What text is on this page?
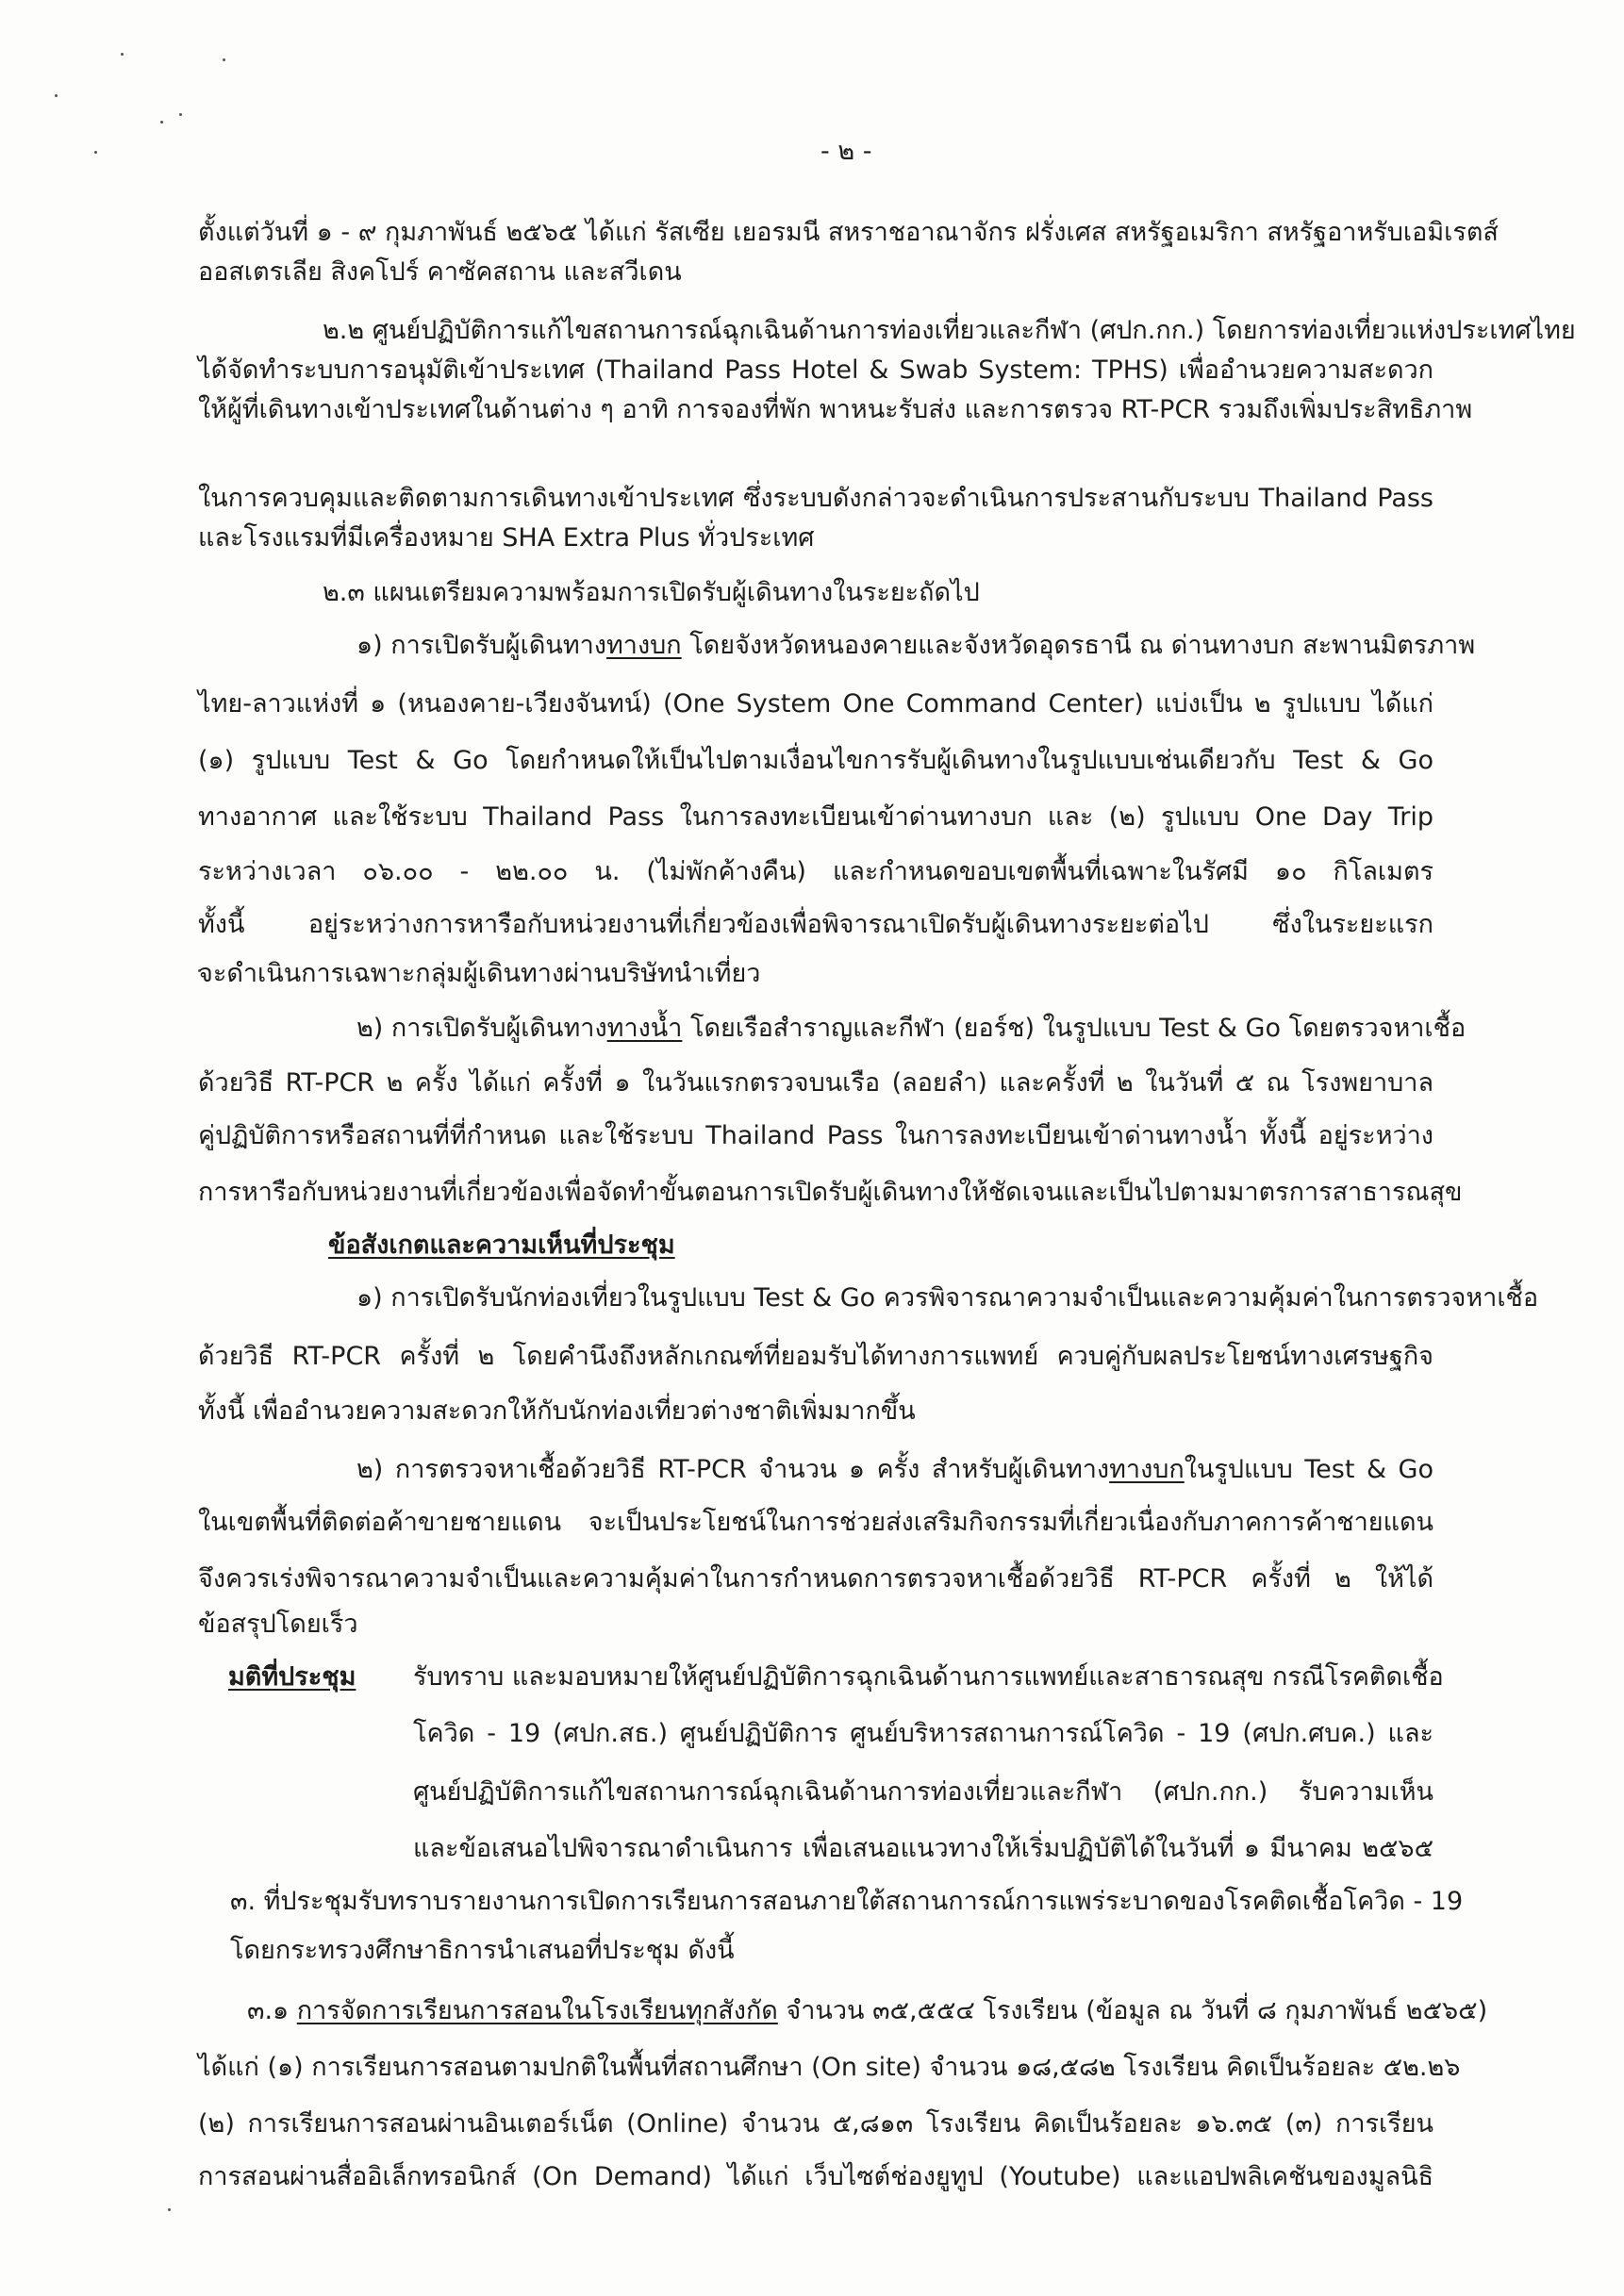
- ๒ -
ตั้งแต่วันที่ ๑ - ๙ กุมภาพันธ์ ๒๕๖๕ ได้แก่ รัสเซีย เยอรมนี สหราชอาณาจักร ฝรั่งเศส สหรัฐอเมริกา สหรัฐอาหรับเอมิเรตส์
ออสเตรเลีย สิงคโปร์ คาซัคสถาน และสวีเดน
๒.๒ ศูนย์ปฏิบัติการแก้ไขสถานการณ์ฉุกเฉินด้านการท่องเที่ยวและกีฬา (ศปก.กก.) โดยการท่องเที่ยวแห่งประเทศไทย
ได้จัดทำระบบการอนุมัติเข้าประเทศ (Thailand Pass Hotel & Swab System: TPHS) เพื่ออำนวยความสะดวก
ให้ผู้ที่เดินทางเข้าประเทศในด้านต่าง ๆ อาทิ การจองที่พัก พาหนะรับส่ง และการตรวจ RT-PCR รวมถึงเพิ่มประสิทธิภาพ
ในการควบคุมและติดตามการเดินทางเข้าประเทศ ซึ่งระบบดังกล่าวจะดำเนินการประสานกับระบบ Thailand Pass
และโรงแรมที่มีเครื่องหมาย SHA Extra Plus ทั่วประเทศ
๒.๓ แผนเตรียมความพร้อมการเปิดรับผู้เดินทางในระยะถัดไป
๑) การเปิดรับผู้เดินทางทางบก โดยจังหวัดหนองคายและจังหวัดอุดรธานี ณ ด่านทางบก สะพานมิตรภาพ
ไทย-ลาวแห่งที่ ๑ (หนองคาย-เวียงจันทน์) (One System One Command Center) แบ่งเป็น ๒ รูปแบบ ได้แก่
(๑) รูปแบบ Test & Go โดยกำหนดให้เป็นไปตามเงื่อนไขการรับผู้เดินทางในรูปแบบเช่นเดียวกับ Test & Go
ทางอากาศ และใช้ระบบ Thailand Pass ในการลงทะเบียนเข้าด่านทางบก และ (๒) รูปแบบ One Day Trip
ระหว่างเวลา ๐๖.๐๐ - ๒๒.๐๐ น. (ไม่พักค้างคืน) และกำหนดขอบเขตพื้นที่เฉพาะในรัศมี ๑๐ กิโลเมตร
ทั้งนี้ อยู่ระหว่างการหารือกับหน่วยงานที่เกี่ยวข้องเพื่อพิจารณาเปิดรับผู้เดินทางระยะต่อไป ซึ่งในระยะแรก
จะดำเนินการเฉพาะกลุ่มผู้เดินทางผ่านบริษัทนำเที่ยว
๒) การเปิดรับผู้เดินทางทางน้ำ โดยเรือสำราญและกีฬา (ยอร์ช) ในรูปแบบ Test & Go โดยตรวจหาเชื้อ
ด้วยวิธี RT-PCR ๒ ครั้ง ได้แก่ ครั้งที่ ๑ ในวันแรกตรวจบนเรือ (ลอยลำ) และครั้งที่ ๒ ในวันที่ ๕ ณ โรงพยาบาล
คู่ปฏิบัติการหรือสถานที่ที่กำหนด และใช้ระบบ Thailand Pass ในการลงทะเบียนเข้าด่านทางน้ำ ทั้งนี้ อยู่ระหว่าง
การหารือกับหน่วยงานที่เกี่ยวข้องเพื่อจัดทำขั้นตอนการเปิดรับผู้เดินทางให้ชัดเจนและเป็นไปตามมาตรการสาธารณสุข
ข้อสังเกตและความเห็นที่ประชุม
๑) การเปิดรับนักท่องเที่ยวในรูปแบบ Test & Go ควรพิจารณาความจำเป็นและความคุ้มค่าในการตรวจหาเชื้อ
ด้วยวิธี RT-PCR ครั้งที่ ๒ โดยคำนึงถึงหลักเกณฑ์ที่ยอมรับได้ทางการแพทย์ ควบคู่กับผลประโยชน์ทางเศรษฐกิจ
ทั้งนี้ เพื่ออำนวยความสะดวกให้กับนักท่องเที่ยวต่างชาติเพิ่มมากขึ้น
๒) การตรวจหาเชื้อด้วยวิธี RT-PCR จำนวน ๑ ครั้ง สำหรับผู้เดินทางทางบกในรูปแบบ Test & Go
ในเขตพื้นที่ติดต่อค้าขายชายแดน จะเป็นประโยชน์ในการช่วยส่งเสริมกิจกรรมที่เกี่ยวเนื่องกับภาคการค้าชายแดน
จึงควรเร่งพิจารณาความจำเป็นและความคุ้มค่าในการกำหนดการตรวจหาเชื้อด้วยวิธี RT-PCR ครั้งที่ ๒ ให้ได้
ข้อสรุปโดยเร็ว
มติที่ประชุม รับทราบ และมอบหมายให้ศูนย์ปฏิบัติการฉุกเฉินด้านการแพทย์และสาธารณสุข กรณีโรคติดเชื้อ
โควิด - 19 (ศปก.สธ.) ศูนย์ปฏิบัติการ ศูนย์บริหารสถานการณ์โควิด - 19 (ศปก.ศบค.) และ
ศูนย์ปฏิบัติการแก้ไขสถานการณ์ฉุกเฉินด้านการท่องเที่ยวและกีฬา (ศปก.กก.) รับความเห็น
และข้อเสนอไปพิจารณาดำเนินการ เพื่อเสนอแนวทางให้เริ่มปฏิบัติได้ในวันที่ ๑ มีนาคม ๒๕๖๕
๓. ที่ประชุมรับทราบรายงานการเปิดการเรียนการสอนภายใต้สถานการณ์การแพร่ระบาดของโรคติดเชื้อโควิด - 19
โดยกระทรวงศึกษาธิการนำเสนอที่ประชุม ดังนี้
๓.๑ การจัดการเรียนการสอนในโรงเรียนทุกสังกัด จำนวน ๓๕,๕๕๔ โรงเรียน (ข้อมูล ณ วันที่ ๘ กุมภาพันธ์ ๒๕๖๕)
ได้แก่ (๑) การเรียนการสอนตามปกติในพื้นที่สถานศึกษา (On site) จำนวน ๑๘,๕๘๒ โรงเรียน คิดเป็นร้อยละ ๕๒.๒๖
(๒) การเรียนการสอนผ่านอินเตอร์เน็ต (Online) จำนวน ๕,๘๑๓ โรงเรียน คิดเป็นร้อยละ ๑๖.๓๕ (๓) การเรียน
การสอนผ่านสื่ออิเล็กทรอนิกส์ (On Demand) ได้แก่ เว็บไซต์ช่องยูทูป (Youtube) และแอปพลิเคชันของมูลนิธิ
